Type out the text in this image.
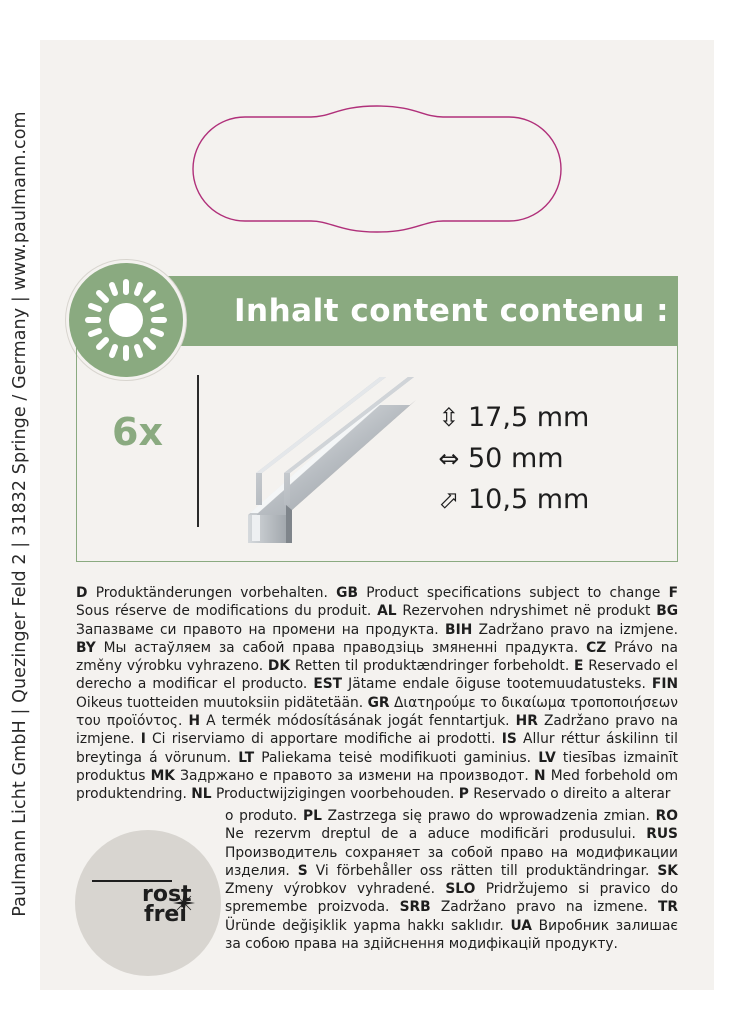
Paulmann Licht GmbH | Quezinger Feld 2 | 31832 Springe / Germany | www.paulmann.com	Inhalt content contenu :
6x	⇳ 17,5 mm
⇔ 50 mm
⬀ 10,5 mm
D Produktänderungen vorbehalten. GB Product specifications subject to change F Sous réserve de modifications du produit. AL Rezervohen ndryshimet në produkt BG Запазваме си правото на промени на продукта. BIH Zadržano pravo na izmjene. BY Мы астаўляем за сабой права праводзіць змяненні прадукта. CZ Právo na změny výrobku vyhrazeno. DK Retten til produktændringer forbeholdt. E Reservado el derecho a modificar el producto. EST Jätame endale õiguse tootemuudatusteks. FIN Oikeus tuotteiden muutoksiin pidätetään. GR Διατηρούμε το δικαίωμα τροποποιήσεων του προϊόντος. H A termék módosításának jogát fenntartjuk. HR Zadržano pravo na izmjene. I Ci riserviamo di apportare modifiche ai prodotti. IS Allur réttur áskilinn til breytinga á vörunum. LT Paliekama teisė modifikuoti gaminius. LV tiesības izmainīt produktus MK Задржано е правото за измени на производот. N Med forbehold om produktendring. NL Productwijzigingen voorbehouden. P Reservado o direito a alterar
o produto. PL Zastrzega się prawo do wprowadzenia zmian. RO Ne rezervm dreptul de a aduce modificări produsului. RUS Производитель сохраняет за собой право на модификации изделия. S Vi förbehåller oss rätten till produktändringar. SK Zmeny výrobkov vyhradené. SLO Pridržujemo si pravico do spremembe proizvoda. SRB Zadržano pravo na izmene. TR Üründe değişiklik yapma hakkı saklıdır. UA Виробник залишає за собою права на здійснення модифікацій продукту.
rost
frei
